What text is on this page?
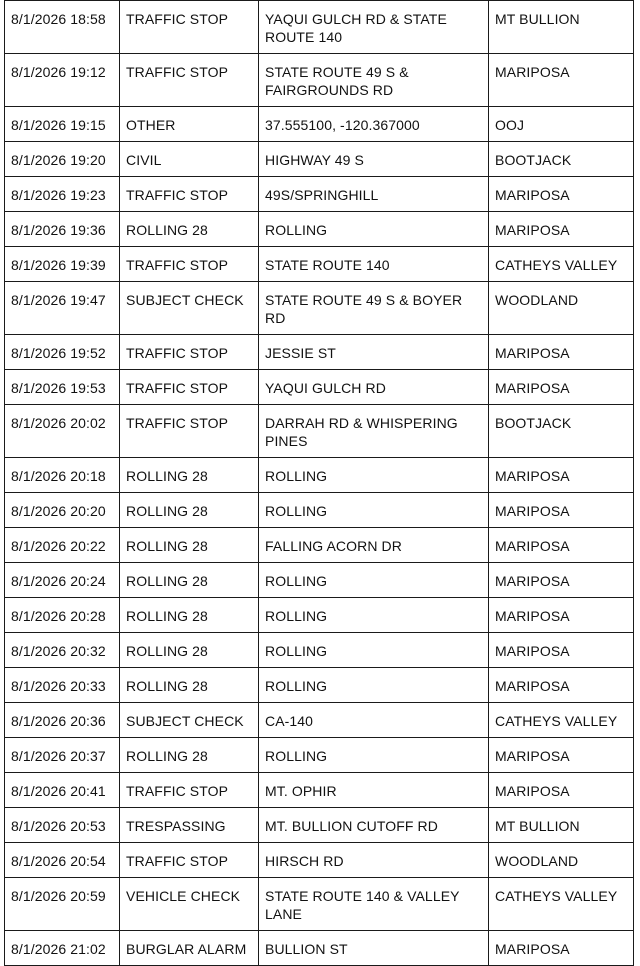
8/1/2026 18:58	TRAFFIC STOP	YAQUI GULCH RD & STATE ROUTE 140	MT BULLION
8/1/2026 19:12	TRAFFIC STOP	STATE ROUTE 49 S & FAIRGROUNDS RD	MARIPOSA
8/1/2026 19:15	OTHER	37.555100, -120.367000	OOJ
8/1/2026 19:20	CIVIL	HIGHWAY 49 S	BOOTJACK
8/1/2026 19:23	TRAFFIC STOP	49S/SPRINGHILL	MARIPOSA
8/1/2026 19:36	ROLLING 28	ROLLING	MARIPOSA
8/1/2026 19:39	TRAFFIC STOP	STATE ROUTE 140	CATHEYS VALLEY
8/1/2026 19:47	SUBJECT CHECK	STATE ROUTE 49 S & BOYER RD	WOODLAND
8/1/2026 19:52	TRAFFIC STOP	JESSIE ST	MARIPOSA
8/1/2026 19:53	TRAFFIC STOP	YAQUI GULCH RD	MARIPOSA
8/1/2026 20:02	TRAFFIC STOP	DARRAH RD & WHISPERING PINES	BOOTJACK
8/1/2026 20:18	ROLLING 28	ROLLING	MARIPOSA
8/1/2026 20:20	ROLLING 28	ROLLING	MARIPOSA
8/1/2026 20:22	ROLLING 28	FALLING ACORN DR	MARIPOSA
8/1/2026 20:24	ROLLING 28	ROLLING	MARIPOSA
8/1/2026 20:28	ROLLING 28	ROLLING	MARIPOSA
8/1/2026 20:32	ROLLING 28	ROLLING	MARIPOSA
8/1/2026 20:33	ROLLING 28	ROLLING	MARIPOSA
8/1/2026 20:36	SUBJECT CHECK	CA-140	CATHEYS VALLEY
8/1/2026 20:37	ROLLING 28	ROLLING	MARIPOSA
8/1/2026 20:41	TRAFFIC STOP	MT. OPHIR	MARIPOSA
8/1/2026 20:53	TRESPASSING	MT. BULLION CUTOFF RD	MT BULLION
8/1/2026 20:54	TRAFFIC STOP	HIRSCH RD	WOODLAND
8/1/2026 20:59	VEHICLE CHECK	STATE ROUTE 140 & VALLEY LANE	CATHEYS VALLEY
8/1/2026 21:02	BURGLAR ALARM	BULLION ST	MARIPOSA
